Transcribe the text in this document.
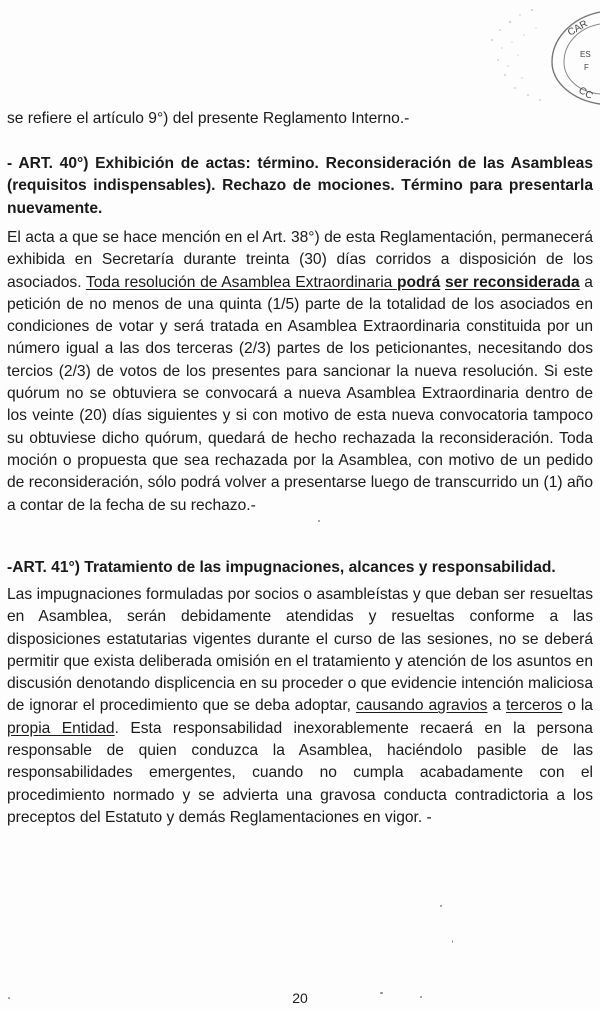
CAR
ES
F
CC

se refiere el artículo 9°) del presente Reglamento Interno.-

- ART. 40°) Exhibición de actas: término. Reconsideración de las Asambleas (requisitos indispensables). Rechazo de mociones. Término para presentarla nuevamente.

El acta a que se hace mención en el Art. 38°) de esta Reglamentación, permanecerá exhibida en Secretaría durante treinta (30) días corridos a disposición de los asociados. Toda resolución de Asamblea Extraordinaria podrá ser reconsiderada a petición de no menos de una quinta (1/5) parte de la totalidad de los asociados en condiciones de votar y será tratada en Asamblea Extraordinaria constituida por un número igual a las dos terceras (2/3) partes de los peticionantes, necesitando dos tercios (2/3) de votos de los presentes para sancionar la nueva resolución. Si este quórum no se obtuviera se convocará a nueva Asamblea Extraordinaria dentro de los veinte (20) días siguientes y si con motivo de esta nueva convocatoria tampoco su obtuviese dicho quórum, quedará de hecho rechazada la reconsideración. Toda moción o propuesta que sea rechazada por la Asamblea, con motivo de un pedido de reconsideración, sólo podrá volver a presentarse luego de transcurrido un (1) año a contar de la fecha de su rechazo.-

-ART. 41°) Tratamiento de las impugnaciones, alcances y responsabilidad.

Las impugnaciones formuladas por socios o asambleístas y que deban ser resueltas en Asamblea, serán debidamente atendidas y resueltas conforme a las disposiciones estatutarias vigentes durante el curso de las sesiones, no se deberá permitir que exista deliberada omisión en el tratamiento y atención de los asuntos en discusión denotando displicencia en su proceder o que evidencie intención maliciosa de ignorar el procedimiento que se deba adoptar, causando agravios a terceros o la propia Entidad. Esta responsabilidad inexorablemente recaerá en la persona responsable de quien conduzca la Asamblea, haciéndolo pasible de las responsabilidades emergentes, cuando no cumpla acabadamente con el procedimiento normado y se advierta una gravosa conducta contradictoria a los preceptos del Estatuto y demás Reglamentaciones en vigor. -

20
